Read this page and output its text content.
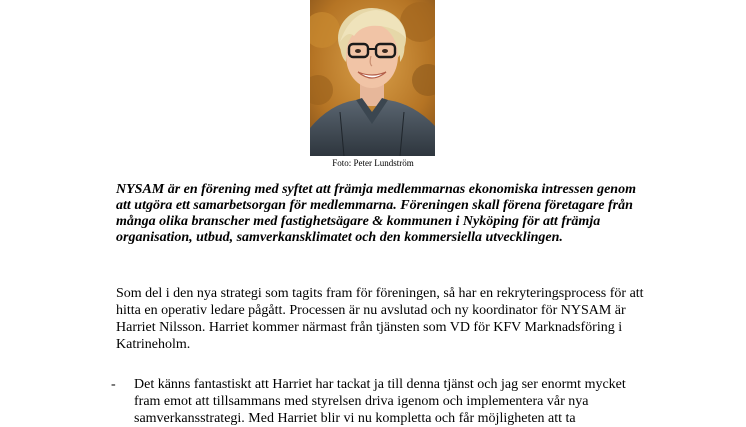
Foto: Peter Lundström

NYSAM är en förening med syftet att främja medlemmarnas ekonomiska intressen genom att utgöra ett samarbetsorgan för medlemmarna. Föreningen skall förena företagare från många olika branscher med fastighetsägare & kommunen i Nyköping för att främja organisation, utbud, samverkansklimatet och den kommersiella utvecklingen.

Som del i den nya strategi som tagits fram för föreningen, så har en rekryteringsprocess för att hitta en operativ ledare pågått. Processen är nu avslutad och ny koordinator för NYSAM är Harriet Nilsson. Harriet kommer närmast från tjänsten som VD för KFV Marknadsföring i Katrineholm.

- Det känns fantastiskt att Harriet har tackat ja till denna tjänst och jag ser enormt mycket fram emot att tillsammans med styrelsen driva igenom och implementera vår nya samverkansstrategi. Med Harriet blir vi nu kompletta och får möjligheten att ta
